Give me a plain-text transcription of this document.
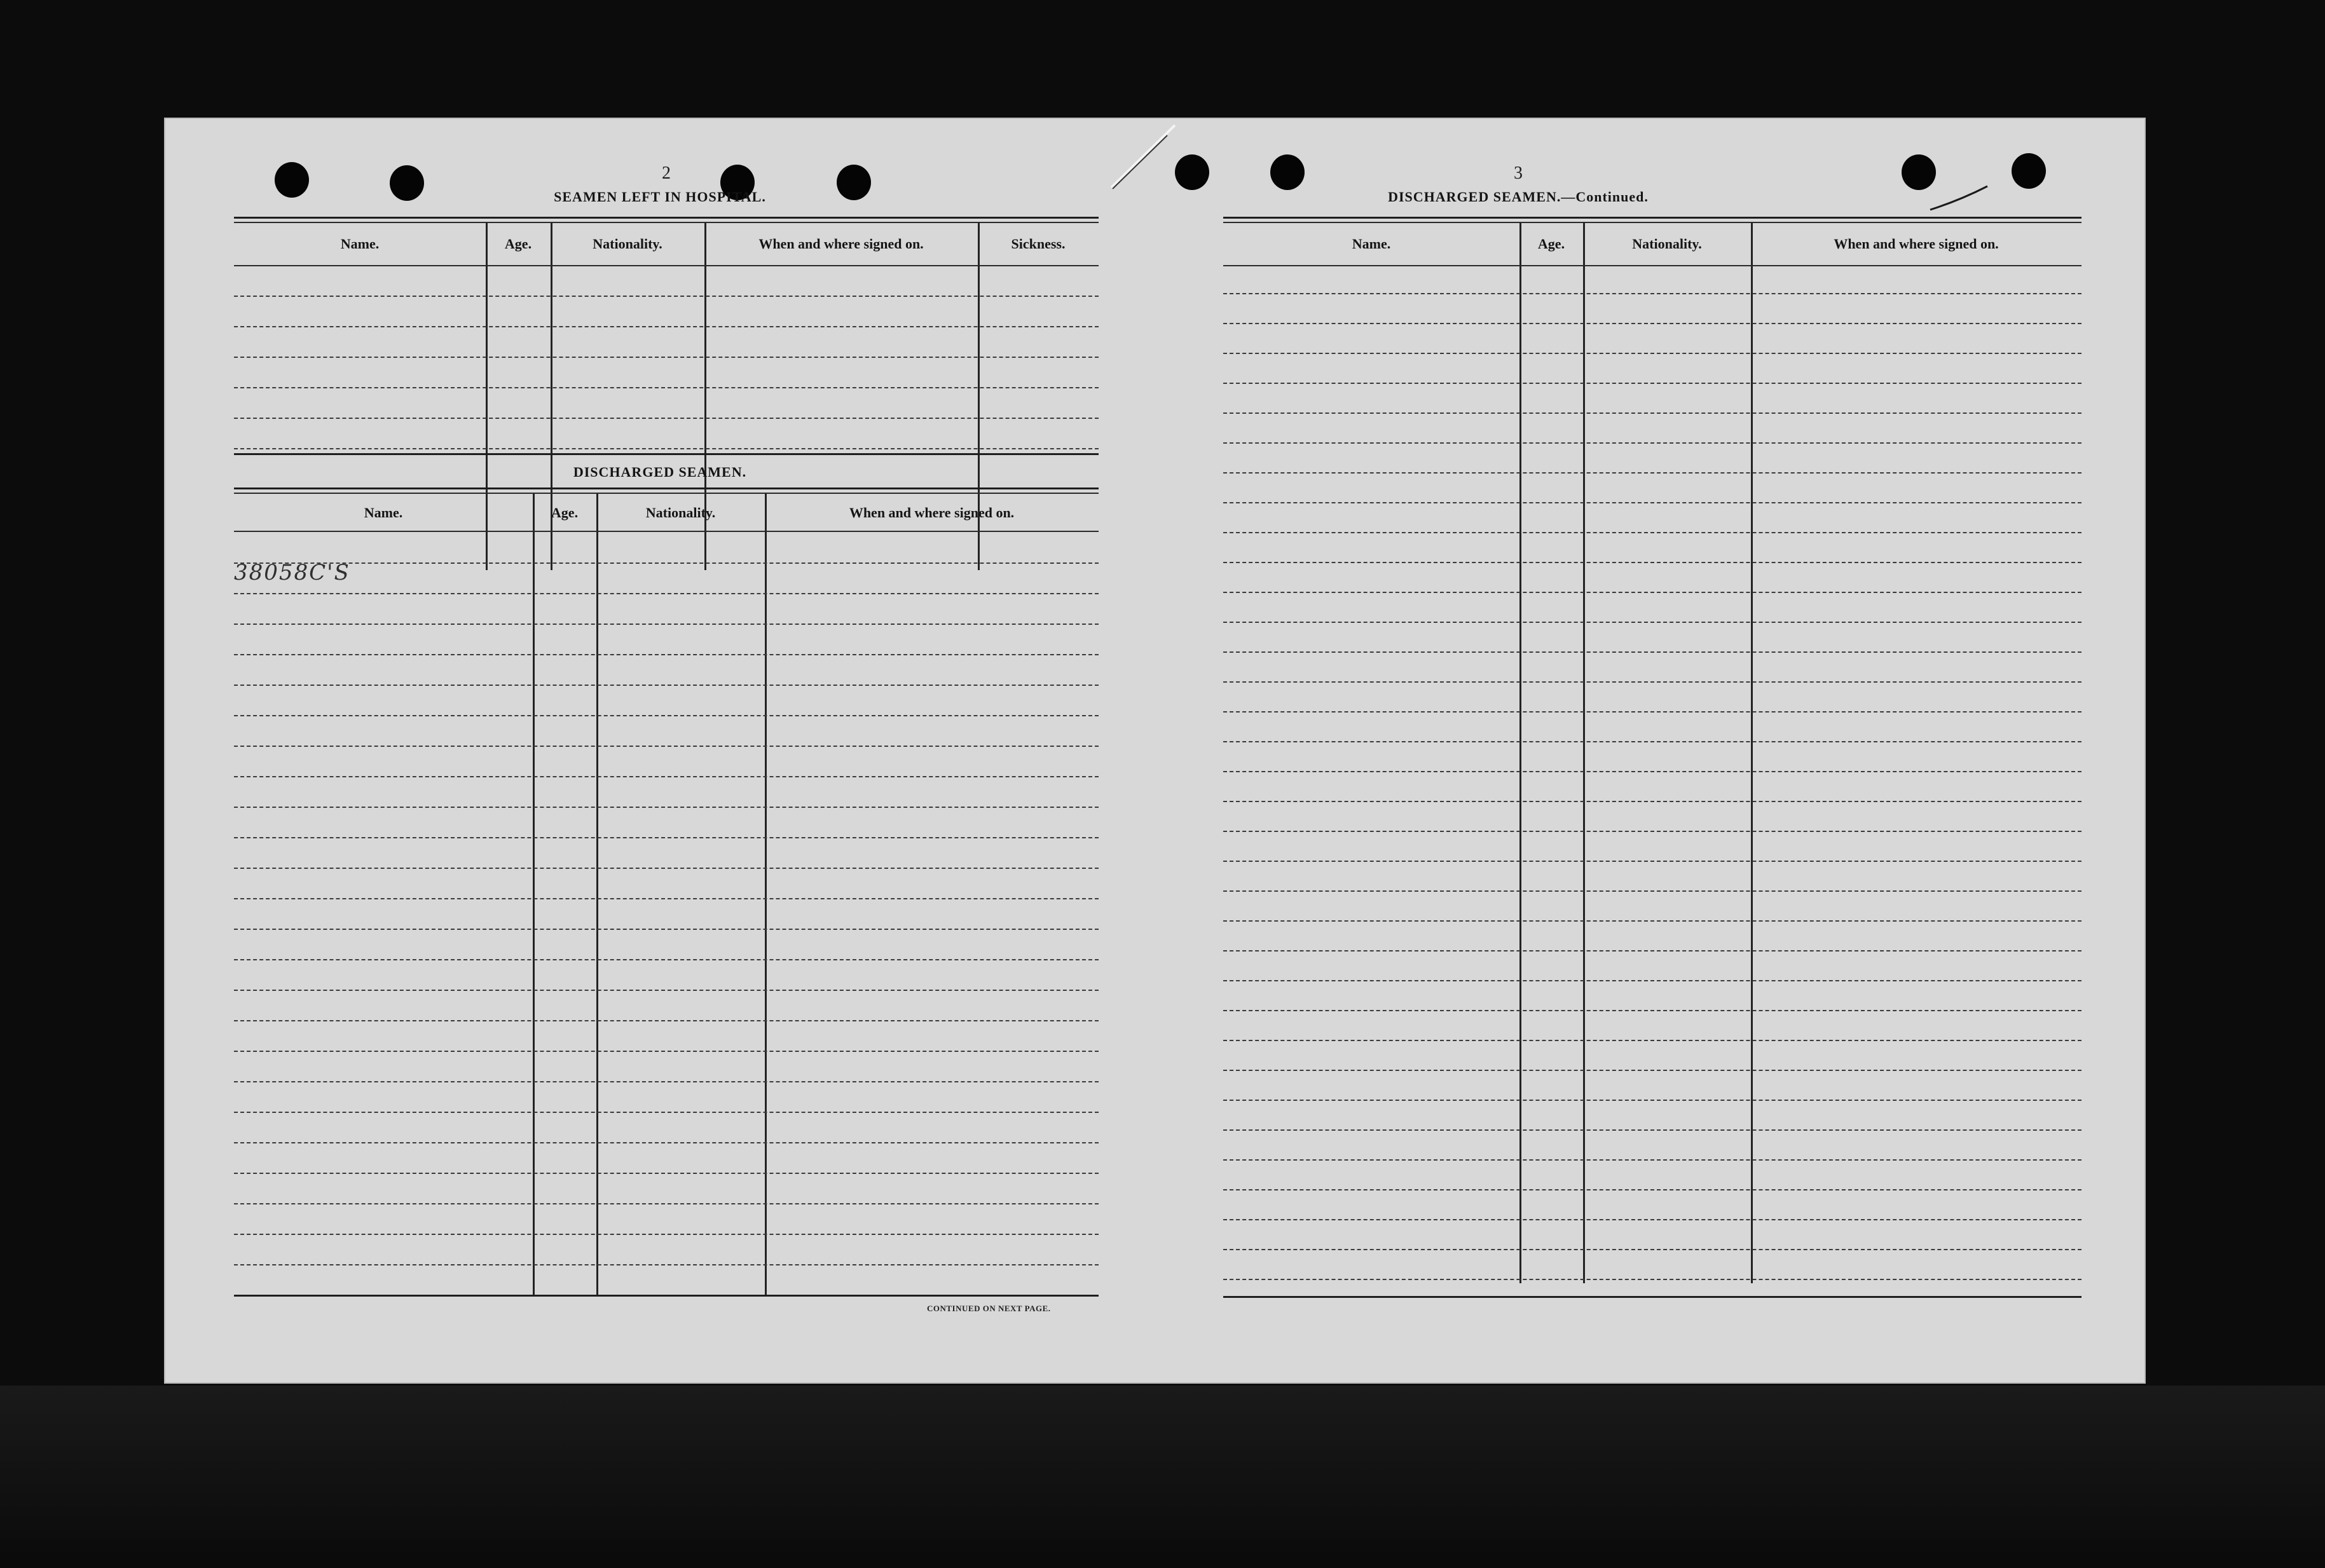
2
SEAMEN LEFT IN HOSPITAL.
Name.	Age.	Nationality.	When and where signed on.	Sickness.
DISCHARGED SEAMEN.
Name.	Age.	Nationality.	When and where signed on.
38058C'S
CONTINUED ON NEXT PAGE.
3
DISCHARGED SEAMEN.—Continued.
Name.	Age.	Nationality.	When and where signed on.
